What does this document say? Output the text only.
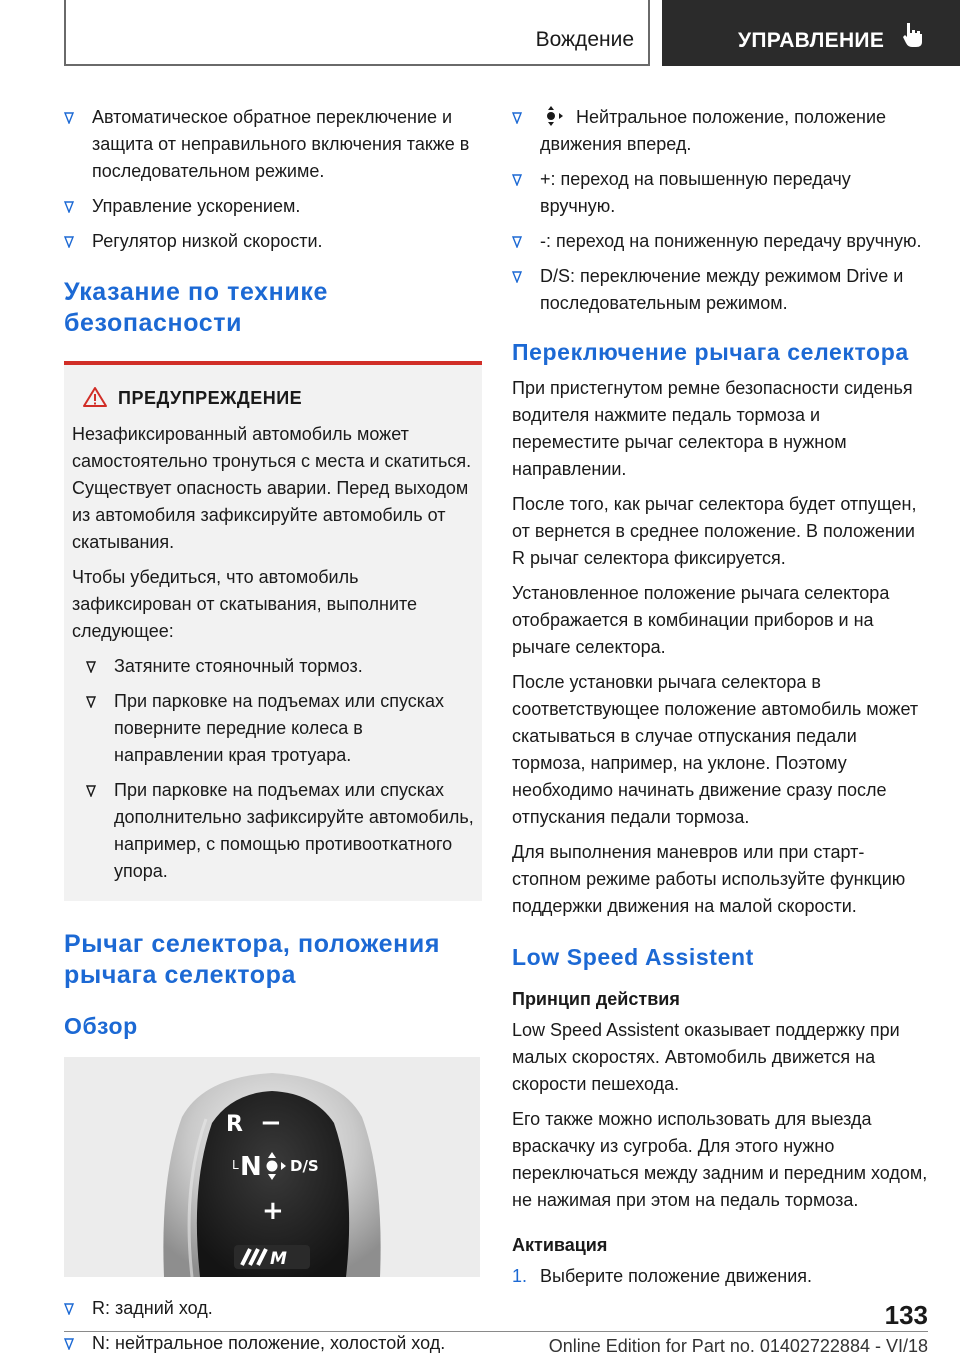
Вождение	УПРАВЛЕНИЕ
Автоматическое обратное переключение и защита от неправильного включения также в последовательном режиме.
Управление ускорением.
Регулятор низкой скорости.
Указание по технике безопасности
ПРЕДУПРЕЖДЕНИЕ

Незафиксированный автомобиль может самостоятельно тронуться с места и скатиться. Существует опасность аварии. Перед выходом из автомобиля зафиксируйте автомобиль от скатывания.

Чтобы убедиться, что автомобиль зафиксирован от скатывания, выполните следующее:

Затяните стояночный тормоз.
При парковке на подъемах или спусках поверните передние колеса в направлении края тротуара.
При парковке на подъемах или спусках дополнительно зафиксируйте автомобиль, например, с помощью противооткатного упора.
Рычаг селектора, положения рычага селектора
Обзор
R −
L N D/S
+
M
R: задний ход.
N: нейтральное положение, холостой ход.
Нейтральное положение, положение движения вперед.
+: переход на повышенную передачу вручную.
-: переход на пониженную передачу вручную.
D/S: переключение между режимом Drive и последовательным режимом.
Переключение рычага селектора

При пристегнутом ремне безопасности сиденья водителя нажмите педаль тормоза и переместите рычаг селектора в нужном направлении.

После того, как рычаг селектора будет отпущен, от вернется в среднее положение. В положении R рычаг селектора фиксируется.

Установленное положение рычага селектора отображается в комбинации приборов и на рычаге селектора.

После установки рычага селектора в соответствующее положение автомобиль может скатываться в случае отпускания педали тормоза, например, на уклоне. Поэтому необходимо начинать движение сразу после отпускания педали тормоза.

Для выполнения маневров или при старт-стопном режиме работы используйте функцию поддержки движения на малой скорости.

Low Speed Assistent
Принцип действия

Low Speed Assistent оказывает поддержку при малых скоростях. Автомобиль движется на скорости пешехода.

Его также можно использовать для выезда враскачку из сугроба. Для этого нужно переключаться между задним и передним ходом, не нажимая при этом на педаль тормоза.

Активация
1. Выберите положение движения.
133
Online Edition for Part no. 01402722884 - VI/18
